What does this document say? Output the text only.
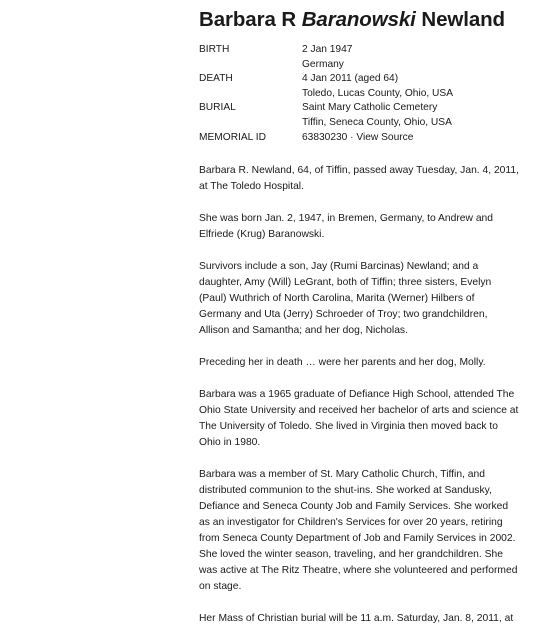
Barbara R Baranowski Newland
BIRTH	2 Jan 1947
Germany
DEATH	4 Jan 2011 (aged 64)
Toledo, Lucas County, Ohio, USA
BURIAL	Saint Mary Catholic Cemetery
Tiffin, Seneca County, Ohio, USA
MEMORIAL ID	63830230 · View Source

Barbara R. Newland, 64, of Tiffin, passed away Tuesday, Jan. 4, 2011, at The Toledo Hospital.

She was born Jan. 2, 1947, in Bremen, Germany, to Andrew and Elfriede (Krug) Baranowski.

Survivors include a son, Jay (Rumi Barcinas) Newland; and a daughter, Amy (Will) LeGrant, both of Tiffin; three sisters, Evelyn (Paul) Wuthrich of North Carolina, Marita (Werner) Hilbers of Germany and Uta (Jerry) Schroeder of Troy; two grandchildren, Allison and Samantha; and her dog, Nicholas.

Preceding her in death … were her parents and her dog, Molly.

Barbara was a 1965 graduate of Defiance High School, attended The Ohio State University and received her bachelor of arts and science at The University of Toledo. She lived in Virginia then moved back to Ohio in 1980.

Barbara was a member of St. Mary Catholic Church, Tiffin, and distributed communion to the shut-ins. She worked at Sandusky, Defiance and Seneca County Job and Family Services. She worked as an investigator for Children's Services for over 20 years, retiring from Seneca County Department of Job and Family Services in 2002. She loved the winter season, traveling, and her grandchildren. She was active at The Ritz Theatre, where she volunteered and performed on stage.

Her Mass of Christian burial will be 11 a.m. Saturday, Jan. 8, 2011, at
